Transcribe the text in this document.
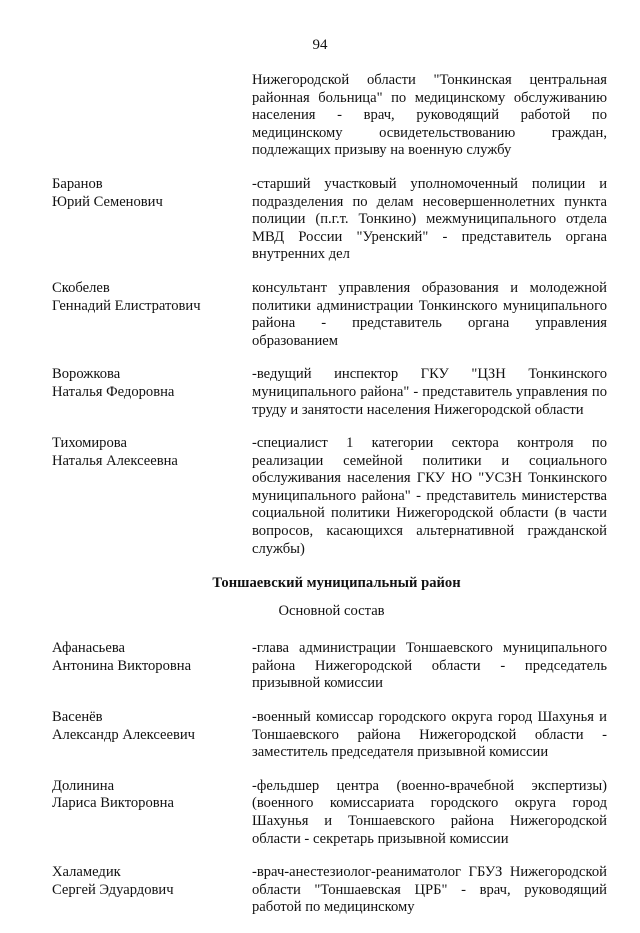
94
Нижегородской области "Тонкинская центральная районная больница" по медицинскому обслуживанию населения - врач, руководящий работой по медицинскому освидетельствованию граждан, подлежащих призыву на военную службу
Баранов
Юрий Семенович
-старший участковый уполномоченный полиции и подразделения по делам несовершеннолетних пункта полиции (п.г.т. Тонкино) межмуниципального отдела МВД России "Уренский" - представитель органа внутренних дел
Скобелев
Геннадий Елистратович
консультант управления образования и молодежной политики администрации Тонкинского муниципального района - представитель органа управления образованием
Ворожкова
Наталья Федоровна
-ведущий инспектор ГКУ "ЦЗН Тонкинского муниципального района" - представитель управления по труду и занятости населения Нижегородской области
Тихомирова
Наталья Алексеевна
-специалист 1 категории сектора контроля по реализации семейной политики и социального обслуживания населения ГКУ НО "УСЗН Тонкинского муниципального района" - представитель министерства социальной политики Нижегородской области (в части вопросов, касающихся альтернативной гражданской службы)
Тоншаевский муниципальный район
Основной состав
Афанасьева
Антонина Викторовна
-глава администрации Тоншаевского муниципального района Нижегородской области - председатель призывной комиссии
Васенёв
Александр Алексеевич
-военный комиссар городского округа город Шахунья и Тоншаевского района Нижегородской области - заместитель председателя призывной комиссии
Долинина
Лариса Викторовна
-фельдшер центра (военно-врачебной экспертизы) (военного комиссариата городского округа город Шахунья и Тоншаевского района Нижегородской области - секретарь призывной комиссии
Халамедик
Сергей Эдуардович
-врач-анестезиолог-реаниматолог ГБУЗ Нижегородской области "Тоншаевская ЦРБ" - врач, руководящий работой по медицинскому
